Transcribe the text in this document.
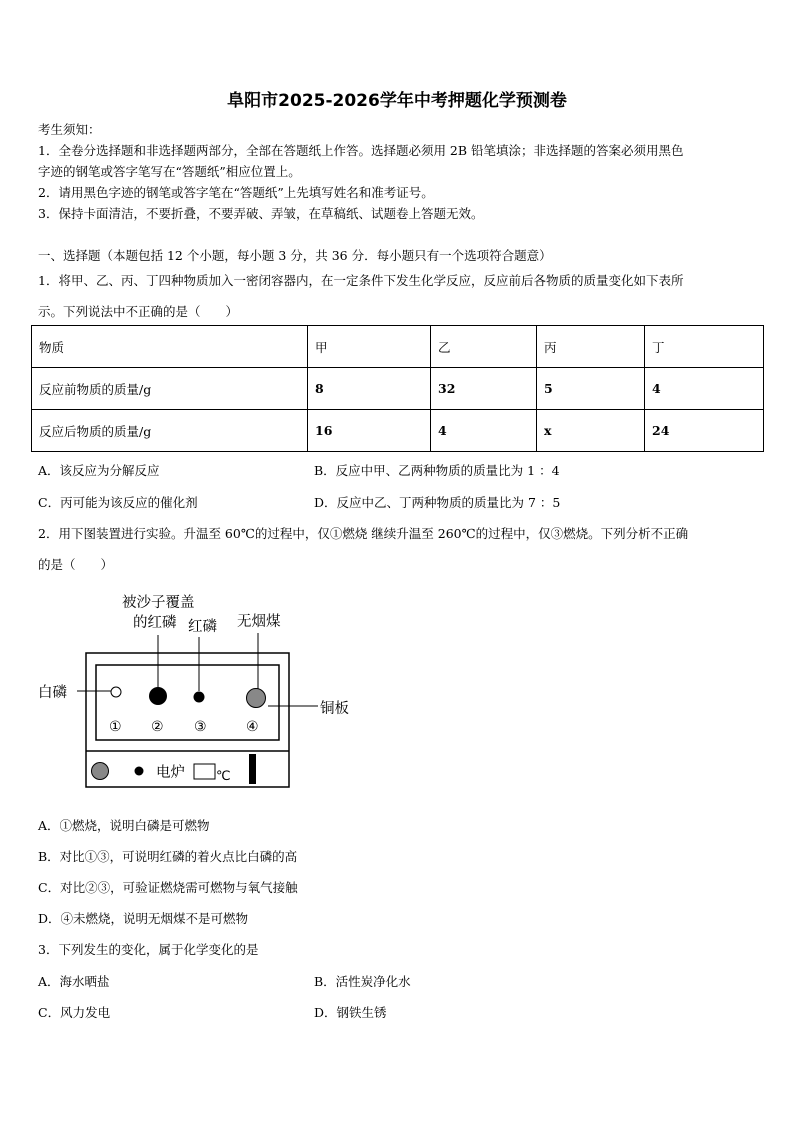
阜阳市2025-2026学年中考押题化学预测卷
考生须知：
1．全卷分选择题和非选择题两部分，全部在答题纸上作答。选择题必须用 2B 铅笔填涂；非选择题的答案必须用黑色
字迹的钢笔或答字笔写在“答题纸”相应位置上。
2．请用黑色字迹的钢笔或答字笔在“答题纸”上先填写姓名和准考证号。
3．保持卡面清洁，不要折叠，不要弄破、弄皱，在草稿纸、试题卷上答题无效。
一、选择题（本题包括 12 个小题，每小题 3 分，共 36 分．每小题只有一个选项符合题意）
1．将甲、乙、丙、丁四种物质加入一密闭容器内，在一定条件下发生化学反应，反应前后各物质的质量变化如下表所
示。下列说法中不正确的是（　　）
物质	甲	乙	丙	丁
反应前物质的质量/g	8	32	5	4
反应后物质的质量/g	16	4	x	24
A．该反应为分解反应	B．反应中甲、乙两种物质的质量比为 1 ：4
C．丙可能为该反应的催化剂	D．反应中乙、丁两种物质的质量比为 7 ：5
2．用下图装置进行实验。升温至 60℃的过程中，仅①燃烧 继续升温至 260℃的过程中，仅③燃烧。下列分析不正确
的是（　　）
被沙子覆盖
的红磷 红磷 无烟煤
白磷
铜板
① ② ③	④
电炉 ℃
A．①燃烧，说明白磷是可燃物
B．对比①③，可说明红磷的着火点比白磷的高
C．对比②③，可验证燃烧需可燃物与氧气接触
D．④未燃烧，说明无烟煤不是可燃物
3．下列发生的变化，属于化学变化的是
A．海水晒盐	B．活性炭净化水
C．风力发电	D．钢铁生锈
